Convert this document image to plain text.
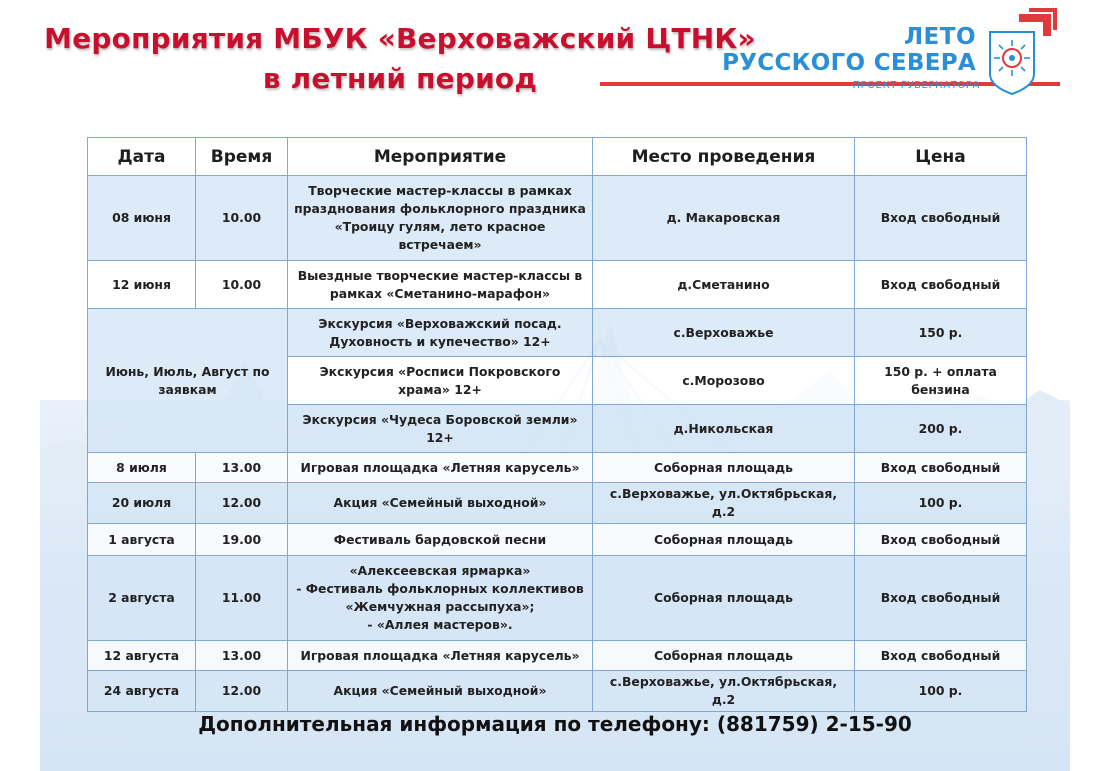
Мероприятия МБУК «Верховажский ЦТНК»
в летний период
ЛЕТО
РУССКОГО СЕВЕРА
ПРОЕКТ ГУБЕРНАТОРА
Дата	Время	Мероприятие	Место проведения	Цена
08 июня	10.00	Творческие мастер-классы в рамках празднования фольклорного праздника «Троицу гулям, лето красное встречаем»	д. Макаровская	Вход свободный
12 июня	10.00	Выездные творческие мастер-классы в рамках «Сметанино-марафон»	д.Сметанино	Вход свободный
Июнь, Июль, Август по заявкам		Экскурсия «Верховажский посад. Духовность и купечество» 12+	с.Верховажье	150 р.
		Экскурсия «Росписи Покровского храма» 12+	с.Морозово	150 р. + оплата бензина
		Экскурсия «Чудеса Боровской земли» 12+	д.Никольская	200 р.
8 июля	13.00	Игровая площадка «Летняя карусель»	Соборная площадь	Вход свободный
20 июля	12.00	Акция «Семейный выходной»	с.Верховажье, ул.Октябрьская, д.2	100 р.
1 августа	19.00	Фестиваль бардовской песни	Соборная площадь	Вход свободный
2 августа	11.00	«Алексеевская ярмарка»
- Фестиваль фольклорных коллективов
«Жемчужная рассыпуха»;
- «Аллея мастеров».	Соборная площадь	Вход свободный
12 августа	13.00	Игровая площадка «Летняя карусель»	Соборная площадь	Вход свободный
24 августа	12.00	Акция «Семейный выходной»	с.Верховажье, ул.Октябрьская, д.2	100 р.
Дополнительная информация по телефону: (881759) 2-15-90
